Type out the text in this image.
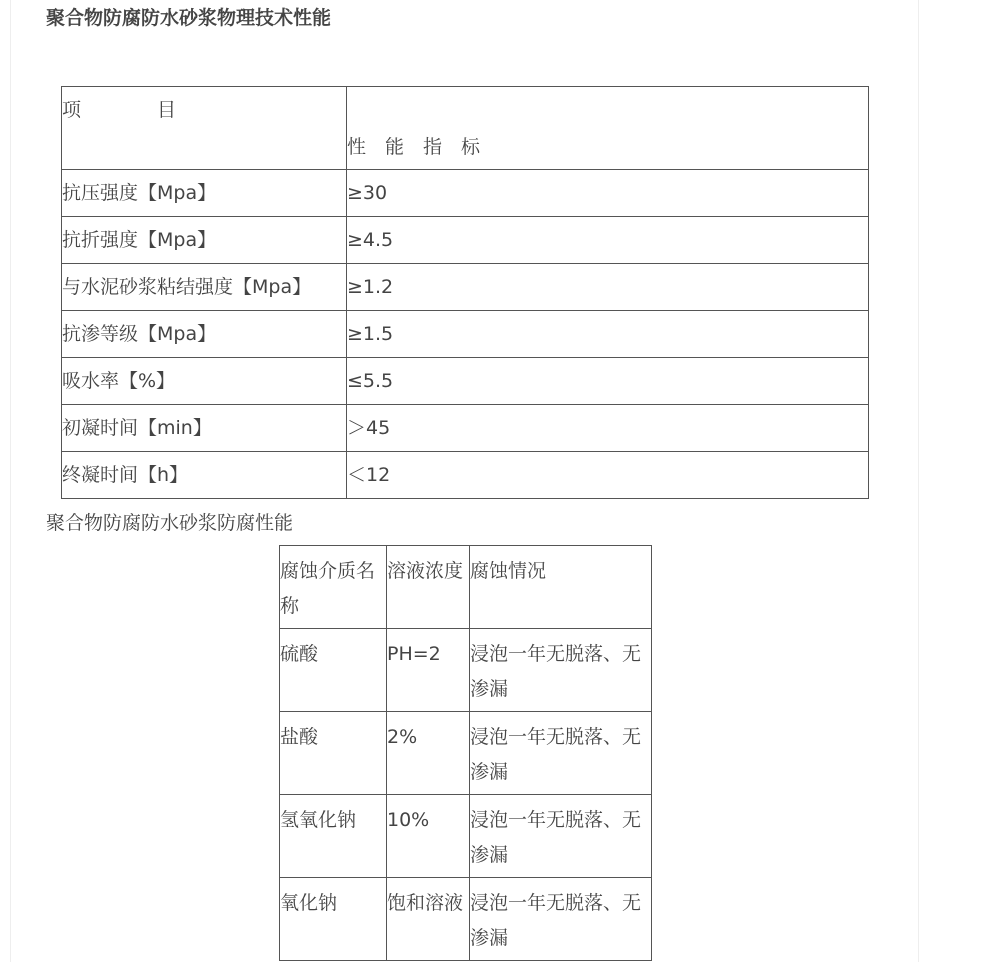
聚合物防腐防水砂浆物理技术性能
项　　　　目	性　能　指　标

抗压强度【Mpa】	≥30
抗折强度【Mpa】	≥4.5
与水泥砂浆粘结强度【Mpa】	≥1.2
抗渗等级【Mpa】	≥1.5
吸水率【%】	≤5.5
初凝时间【min】	＞45
终凝时间【h】	＜12
聚合物防腐防水砂浆防腐性能
腐蚀介质名称	溶液浓度	腐蚀情况
硫酸	PH=2	浸泡一年无脱落、无渗漏
盐酸	2%	浸泡一年无脱落、无渗漏
氢氧化钠	10%	浸泡一年无脱落、无渗漏
氧化钠	饱和溶液	浸泡一年无脱落、无渗漏
